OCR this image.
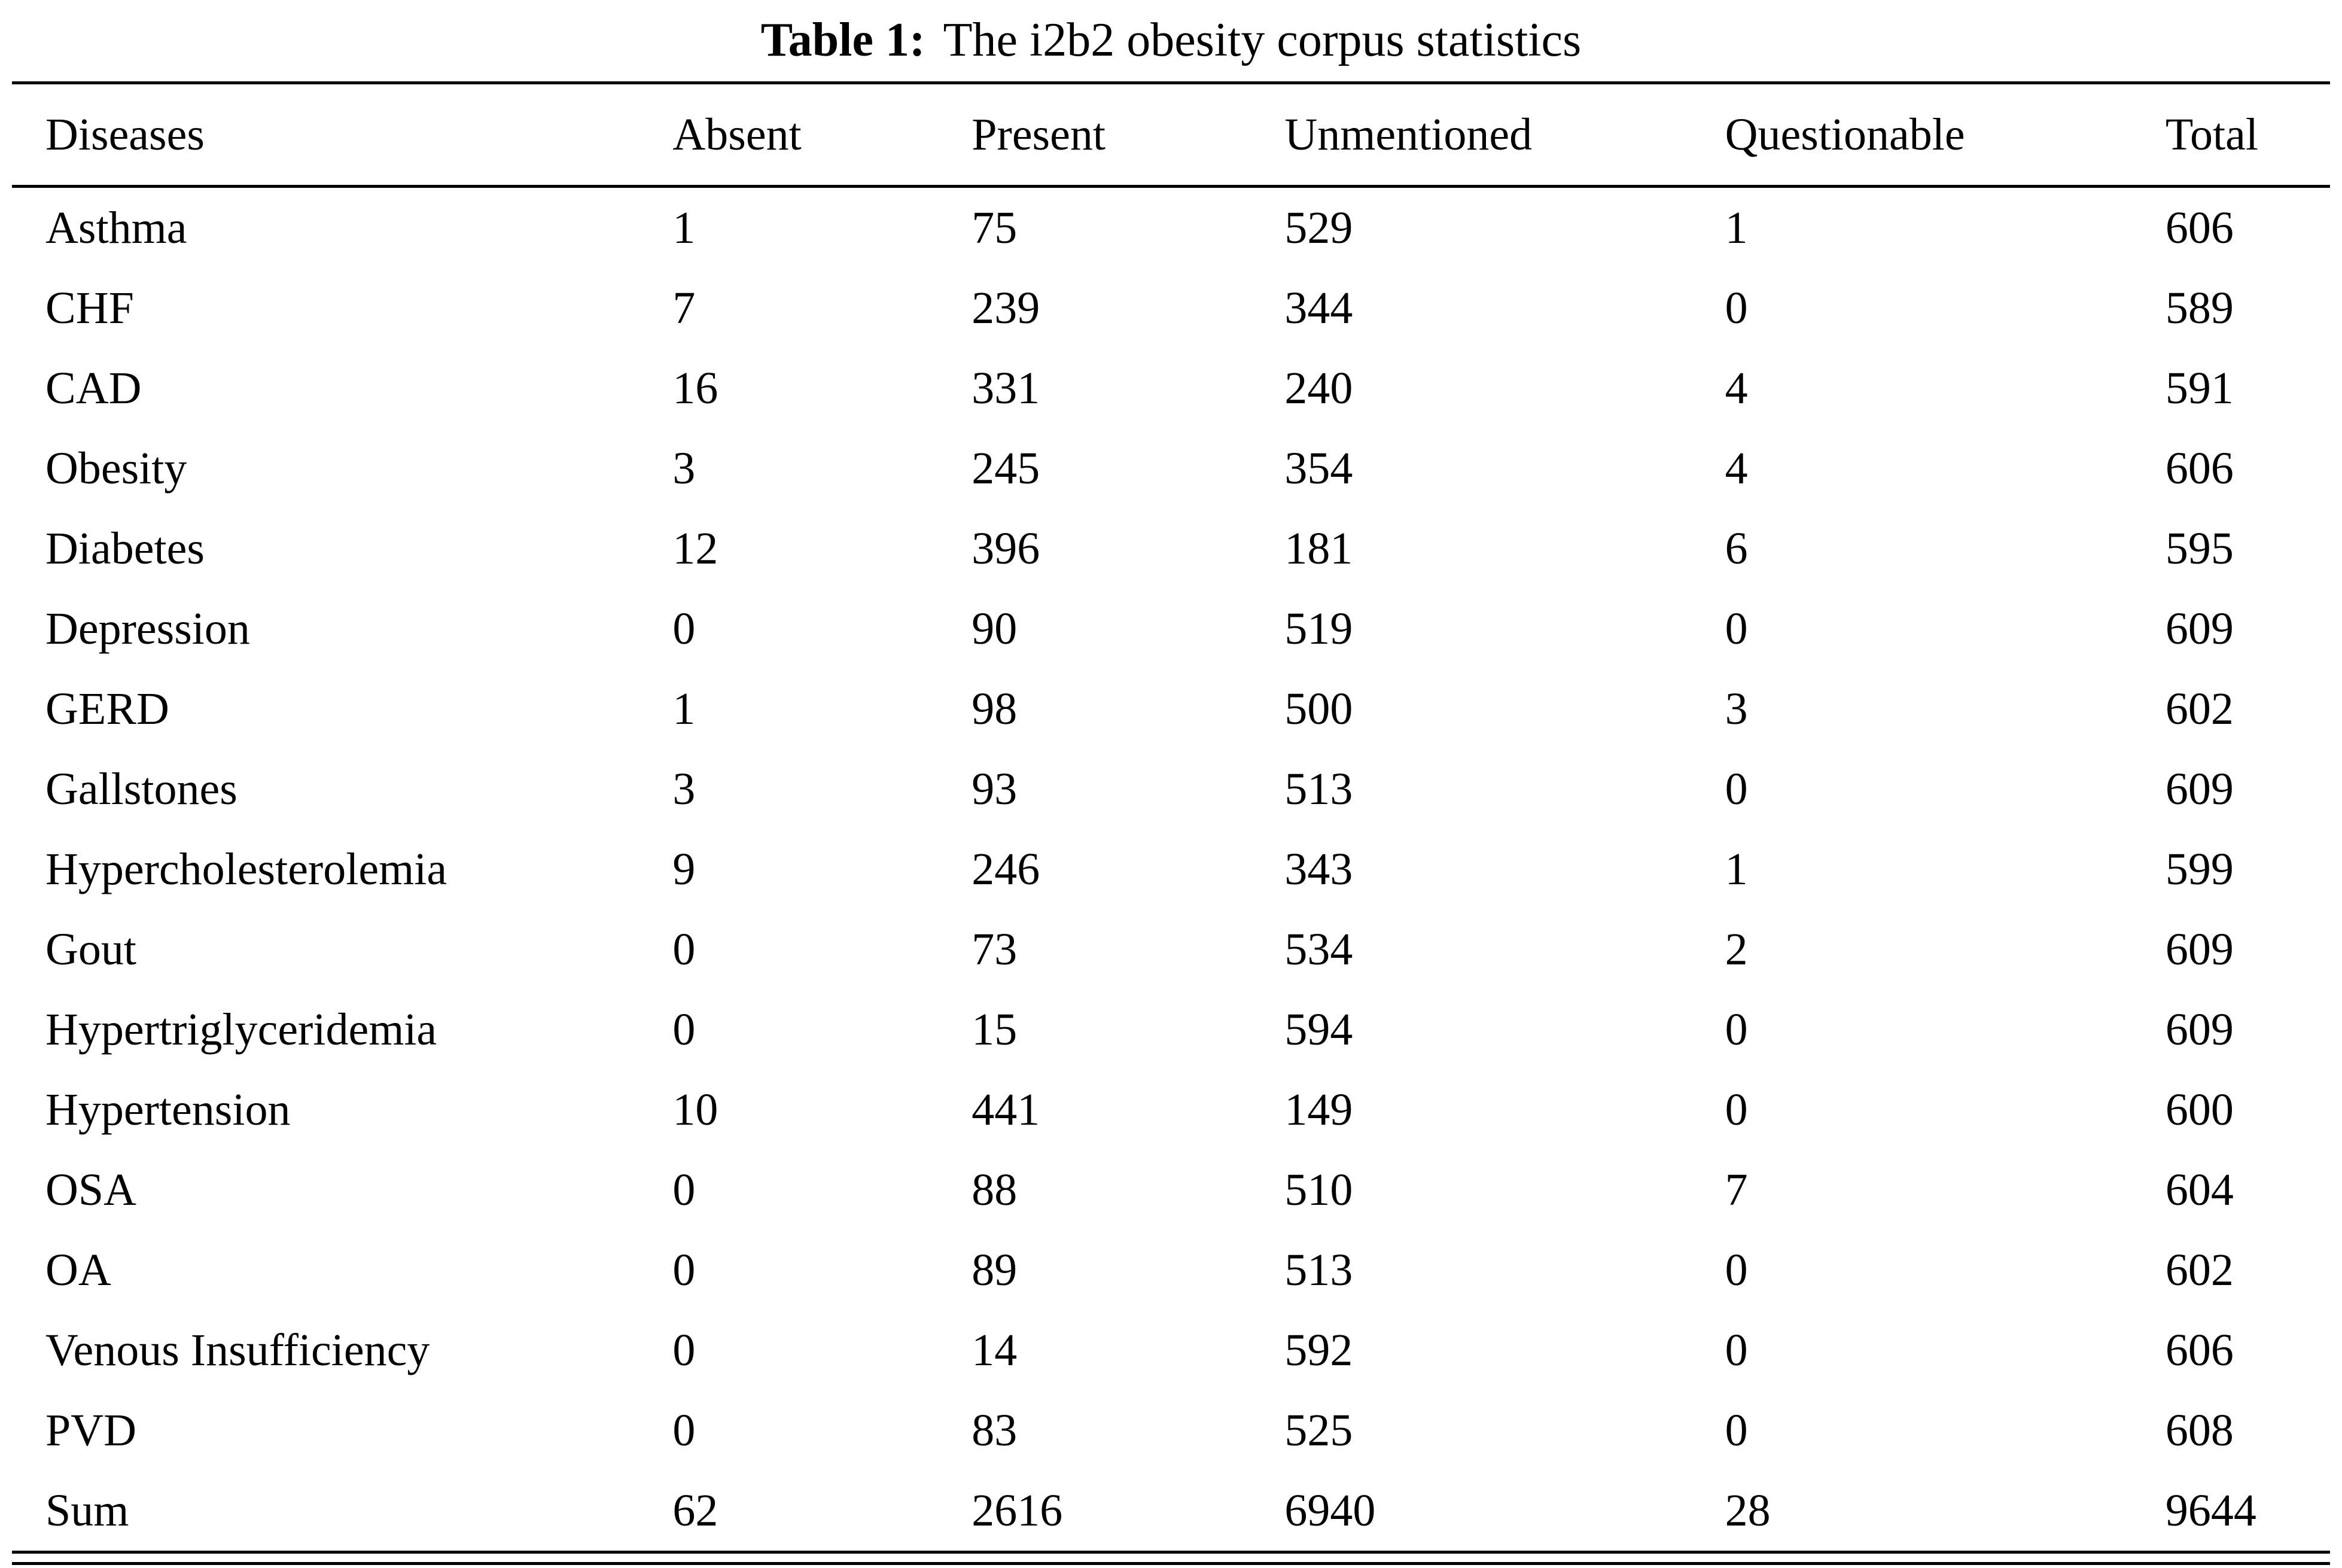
Table 1: The i2b2 obesity corpus statistics
Diseases	Absent	Present	Unmentioned	Questionable	Total
Asthma	1	75	529	1	606
CHF	7	239	344	0	589
CAD	16	331	240	4	591
Obesity	3	245	354	4	606
Diabetes	12	396	181	6	595
Depression	0	90	519	0	609
GERD	1	98	500	3	602
Gallstones	3	93	513	0	609
Hypercholesterolemia	9	246	343	1	599
Gout	0	73	534	2	609
Hypertriglyceridemia	0	15	594	0	609
Hypertension	10	441	149	0	600
OSA	0	88	510	7	604
OA	0	89	513	0	602
Venous Insufficiency	0	14	592	0	606
PVD	0	83	525	0	608
Sum	62	2616	6940	28	9644
